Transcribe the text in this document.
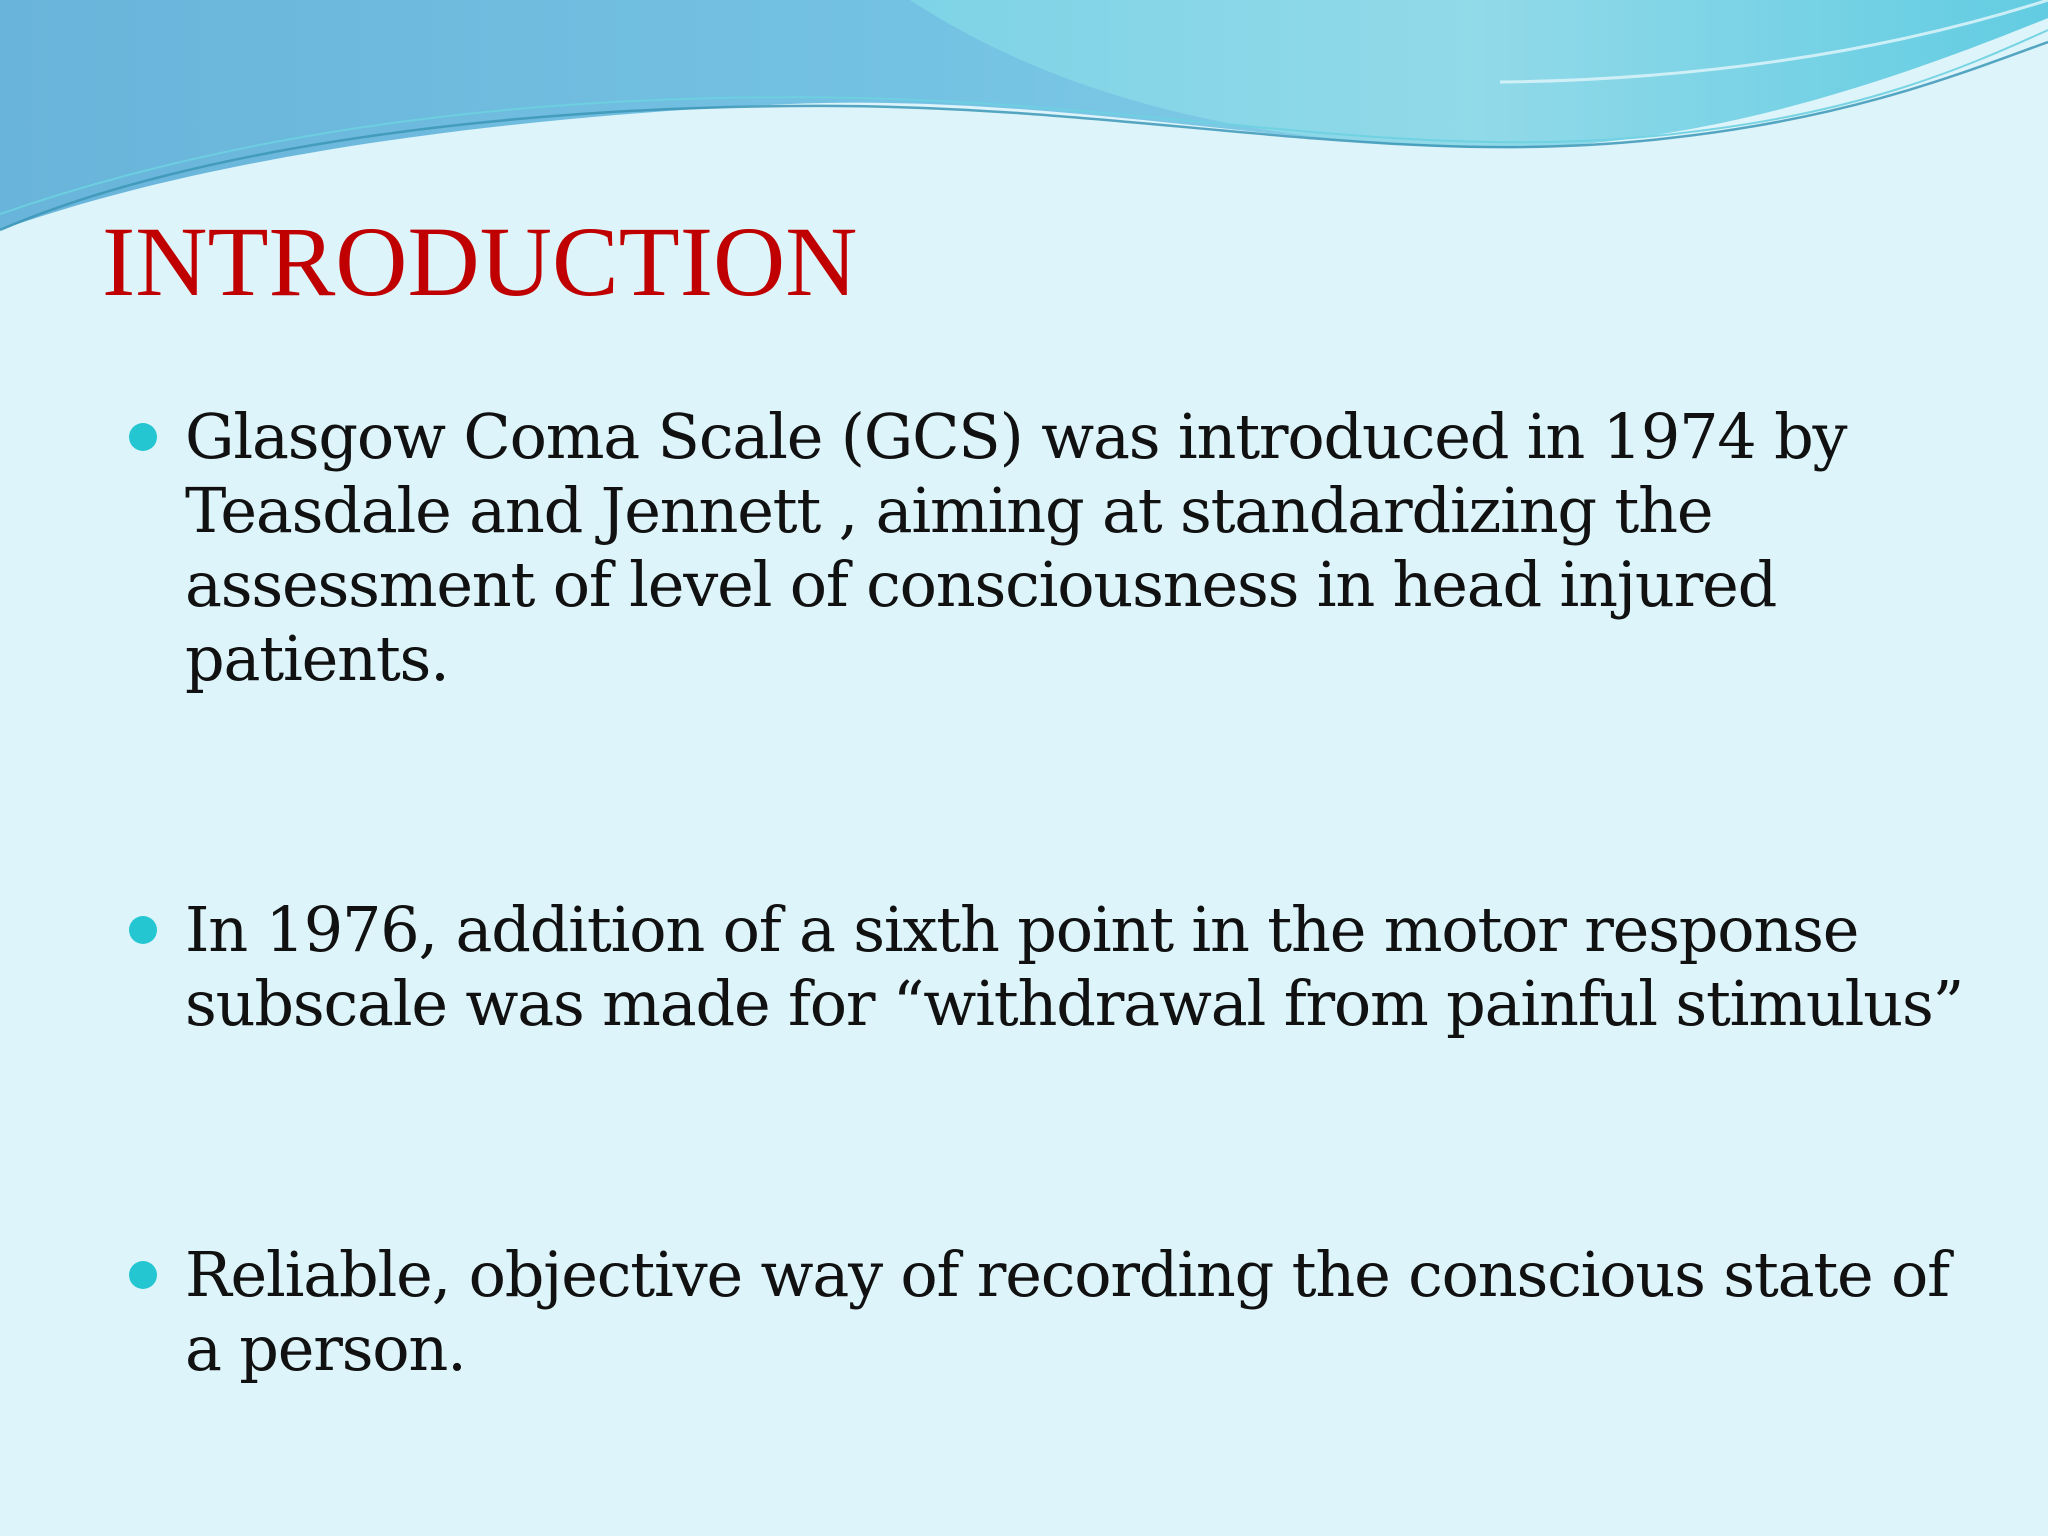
INTRODUCTION
Glasgow Coma Scale (GCS) was introduced in 1974 by Teasdale and Jennett , aiming at standardizing the assessment of level of consciousness in head injured patients.
In 1976, addition of a sixth point in the motor response subscale was made for “withdrawal from painful stimulus”
Reliable, objective way of recording the conscious state of a person.
